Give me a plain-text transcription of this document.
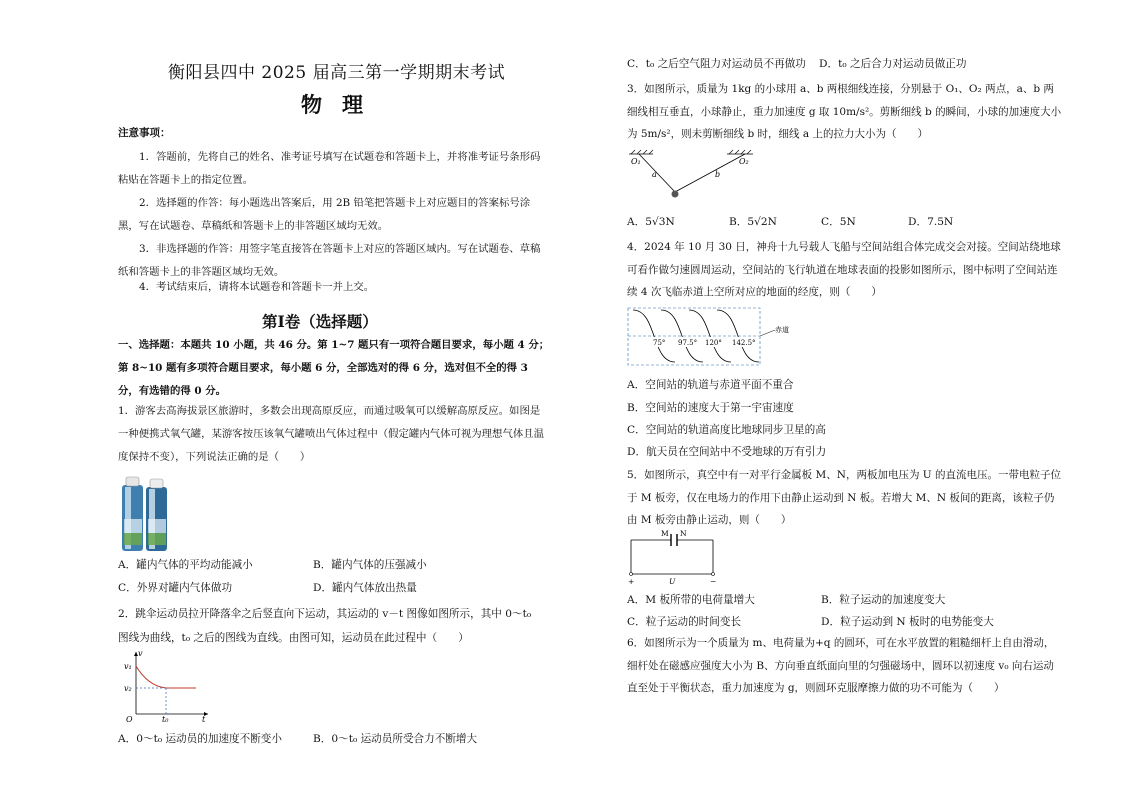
衡阳县四中 2025 届高三第一学期期末考试
物理
注意事项：
1．答题前，先将自己的姓名、准考证号填写在试题卷和答题卡上，并将准考证号条形码粘贴在答题卡上的指定位置。
2．选择题的作答：每小题选出答案后，用 2B 铅笔把答题卡上对应题目的答案标号涂黑，写在试题卷、草稿纸和答题卡上的非答题区域均无效。
3．非选择题的作答：用签字笔直接答在答题卡上对应的答题区域内。写在试题卷、草稿纸和答题卡上的非答题区域均无效。
4．考试结束后，请将本试题卷和答题卡一并上交。
第Ⅰ卷（选择题）
一、选择题：本题共 10 小题，共 46 分。第 1~7 题只有一项符合题目要求，每小题 4 分；第 8~10 题有多项符合题目要求，每小题 6 分，全部选对的得 6 分，选对但不全的得 3 分，有选错的得 0 分。
1．游客去高海拔景区旅游时，多数会出现高原反应，而通过吸氧可以缓解高原反应。如图是一种便携式氧气罐，某游客按压该氧气罐喷出气体过程中（假定罐内气体可视为理想气体且温度保持不变），下列说法正确的是（　　）
A．罐内气体的平均动能减小	B．罐内气体的压强减小
C．外界对罐内气体做功	D．罐内气体放出热量
2．跳伞运动员拉开降落伞之后竖直向下运动，其运动的 v－t 图像如图所示，其中 0～t₀
图线为曲线，t₀ 之后的图线为直线。由图可知，运动员在此过程中（　　）
v
v₁
v₂
O	t₀	t
A．0～t₀ 运动员的加速度不断变小	B．0～t₀ 运动员所受合力不断增大
C．t₀ 之后空气阻力对运动员不再做功 D．t₀ 之后合力对运动员做正功
3．如图所示，质量为 1kg 的小球用 a、b 两根细线连接，分别悬于 O₁、O₂ 两点，a、b 两细线相互垂直，小球静止，重力加速度 g 取 10m/s²。剪断细线 b 的瞬间，小球的加速度大小为 5m/s²，则未剪断细线 b 时，细线 a 上的拉力大小为（　　）
O₁	O₂
a	b
A．5√3N	B．5√2N	C．5N	D．7.5N
4．2024 年 10 月 30 日，神舟十九号载人飞船与空间站组合体完成交会对接。空间站绕地球可看作做匀速圆周运动，空间站的飞行轨道在地球表面的投影如图所示，图中标明了空间站连续 4 次飞临赤道上空所对应的地面的经度，则（　　）
75° 97.5° 120° 142.5°
赤道
A．空间站的轨道与赤道平面不重合
B．空间站的速度大于第一宇宙速度
C．空间站的轨道高度比地球同步卫星的高
D．航天员在空间站中不受地球的万有引力
5．如图所示，真空中有一对平行金属板 M、N，两板加电压为 U 的直流电压。一带电粒子位于 M 板旁，仅在电场力的作用下由静止运动到 N 板。若增大 M、N 板间的距离，该粒子仍由 M 板旁由静止运动，则（　　）
M N
+	U	−
A．M 板所带的电荷量增大	B．粒子运动的加速度变大
C．粒子运动的时间变长	D．粒子运动到 N 板时的电势能变大
6．如图所示为一个质量为 m、电荷量为+q 的圆环，可在水平放置的粗糙细杆上自由滑动，细杆处在磁感应强度大小为 B、方向垂直纸面向里的匀强磁场中，圆环以初速度 v₀ 向右运动直至处于平衡状态，重力加速度为 g，则圆环克服摩擦力做的功不可能为（　　）
